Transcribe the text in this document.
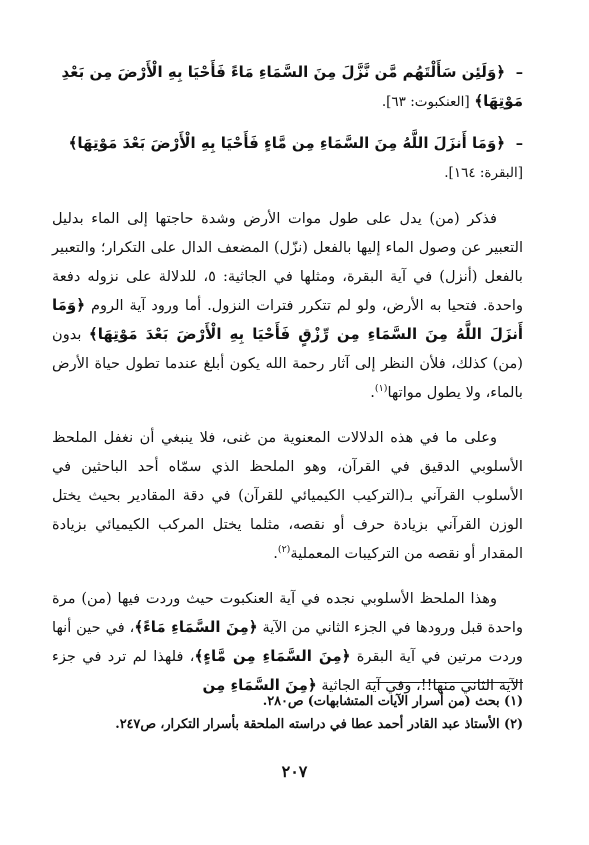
– ﴿وَلَئِن سَأَلْتَهُم مَّن نَّزَّلَ مِنَ السَّمَاءِ مَاءً فَأَحْيَا بِهِ الْأَرْضَ مِن بَعْدِ مَوْتِهَا﴾ [العنكبوت: ٦٣].

– ﴿وَمَا أَنزَلَ اللَّهُ مِنَ السَّمَاءِ مِن مَّاءٍ فَأَحْيَا بِهِ الْأَرْضَ بَعْدَ مَوْتِهَا﴾ [البقرة: ١٦٤].

فذكر (من) يدل على طول موات الأرض وشدة حاجتها إلى الماء بدليل التعبير عن وصول الماء إليها بالفعل (نزّل) المضعف الدال على التكرار؛ والتعبير بالفعل (أنزل) في آية البقرة، ومثلها في الجاثية: ٥، للدلالة على نزوله دفعة واحدة. فتحيا به الأرض، ولو لم تتكرر فترات النزول. أما ورود آية الروم ﴿وَمَا أَنزَلَ اللَّهُ مِنَ السَّمَاءِ مِن رِّزْقٍ فَأَحْيَا بِهِ الْأَرْضَ بَعْدَ مَوْتِهَا﴾ بدون (من) كذلك، فلأن النظر إلى آثار رحمة الله يكون أبلغ عندما تطول حياة الأرض بالماء، ولا يطول مواتها$^{(١)}$.

وعلى ما في هذه الدلالات المعنوية من غنى، فلا ينبغي أن نغفل الملحظ الأسلوبي الدقيق في القرآن، وهو الملحظ الذي سمّاه أحد الباحثين في الأسلوب القرآني بـ(التركيب الكيميائي للقرآن) في دقة المقادير بحيث يختل الوزن القرآني بزيادة حرف أو نقصه، مثلما يختل المركب الكيميائي بزيادة المقدار أو نقصه من التركيبات المعملية$^{(٢)}$.

وهذا الملحظ الأسلوبي نجده في آية العنكبوت حيث وردت فيها (من) مرة واحدة قبل ورودها في الجزء الثاني من الآية ﴿مِنَ السَّمَاءِ مَاءً﴾، في حين أنها وردت مرتين في آية البقرة ﴿مِنَ السَّمَاءِ مِن مَّاءٍ﴾، فلهذا لم ترد في جزء الآية الثاني منها!!، وفي آية الجاثية ﴿مِنَ السَّمَاءِ مِن

(١) بحث (من أسرار الآيات المتشابهات) ص٢٨٠.
(٢) الأستاذ عبد القادر أحمد عطا في دراسته الملحقة بأسرار التكرار، ص٢٤٧.
٢٠٧
